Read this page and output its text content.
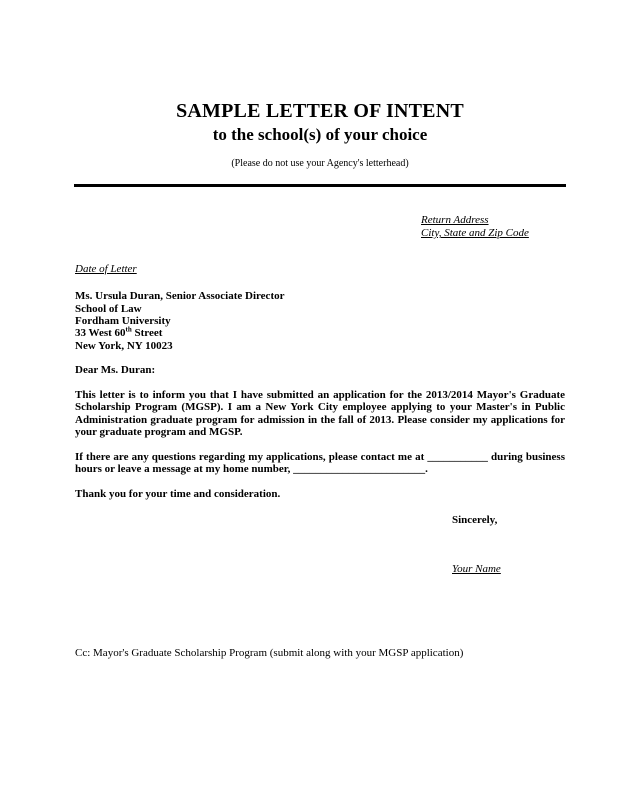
SAMPLE LETTER OF INTENT
to the school(s) of your choice

(Please do not use your Agency's letterhead)

Return Address

City, State and Zip Code

Date of Letter

Ms. Ursula Duran, Senior Associate Director

School of Law

Fordham University

33 West 60th Street

New York, NY 10023

Dear Ms. Duran:

This letter is to inform you that I have submitted an application for the 2013/2014 Mayor's Graduate Scholarship Program (MGSP). I am a New York City employee applying to your Master's in Public Administration graduate program for admission in the fall of 2013. Please consider my applications for your graduate program and MGSP.

If there are any questions regarding my applications, please contact me at ___________ during business hours or leave a message at my home number, ________________________.

Thank you for your time and consideration.

Sincerely,

Your Name

Cc: Mayor's Graduate Scholarship Program (submit along with your MGSP application)
